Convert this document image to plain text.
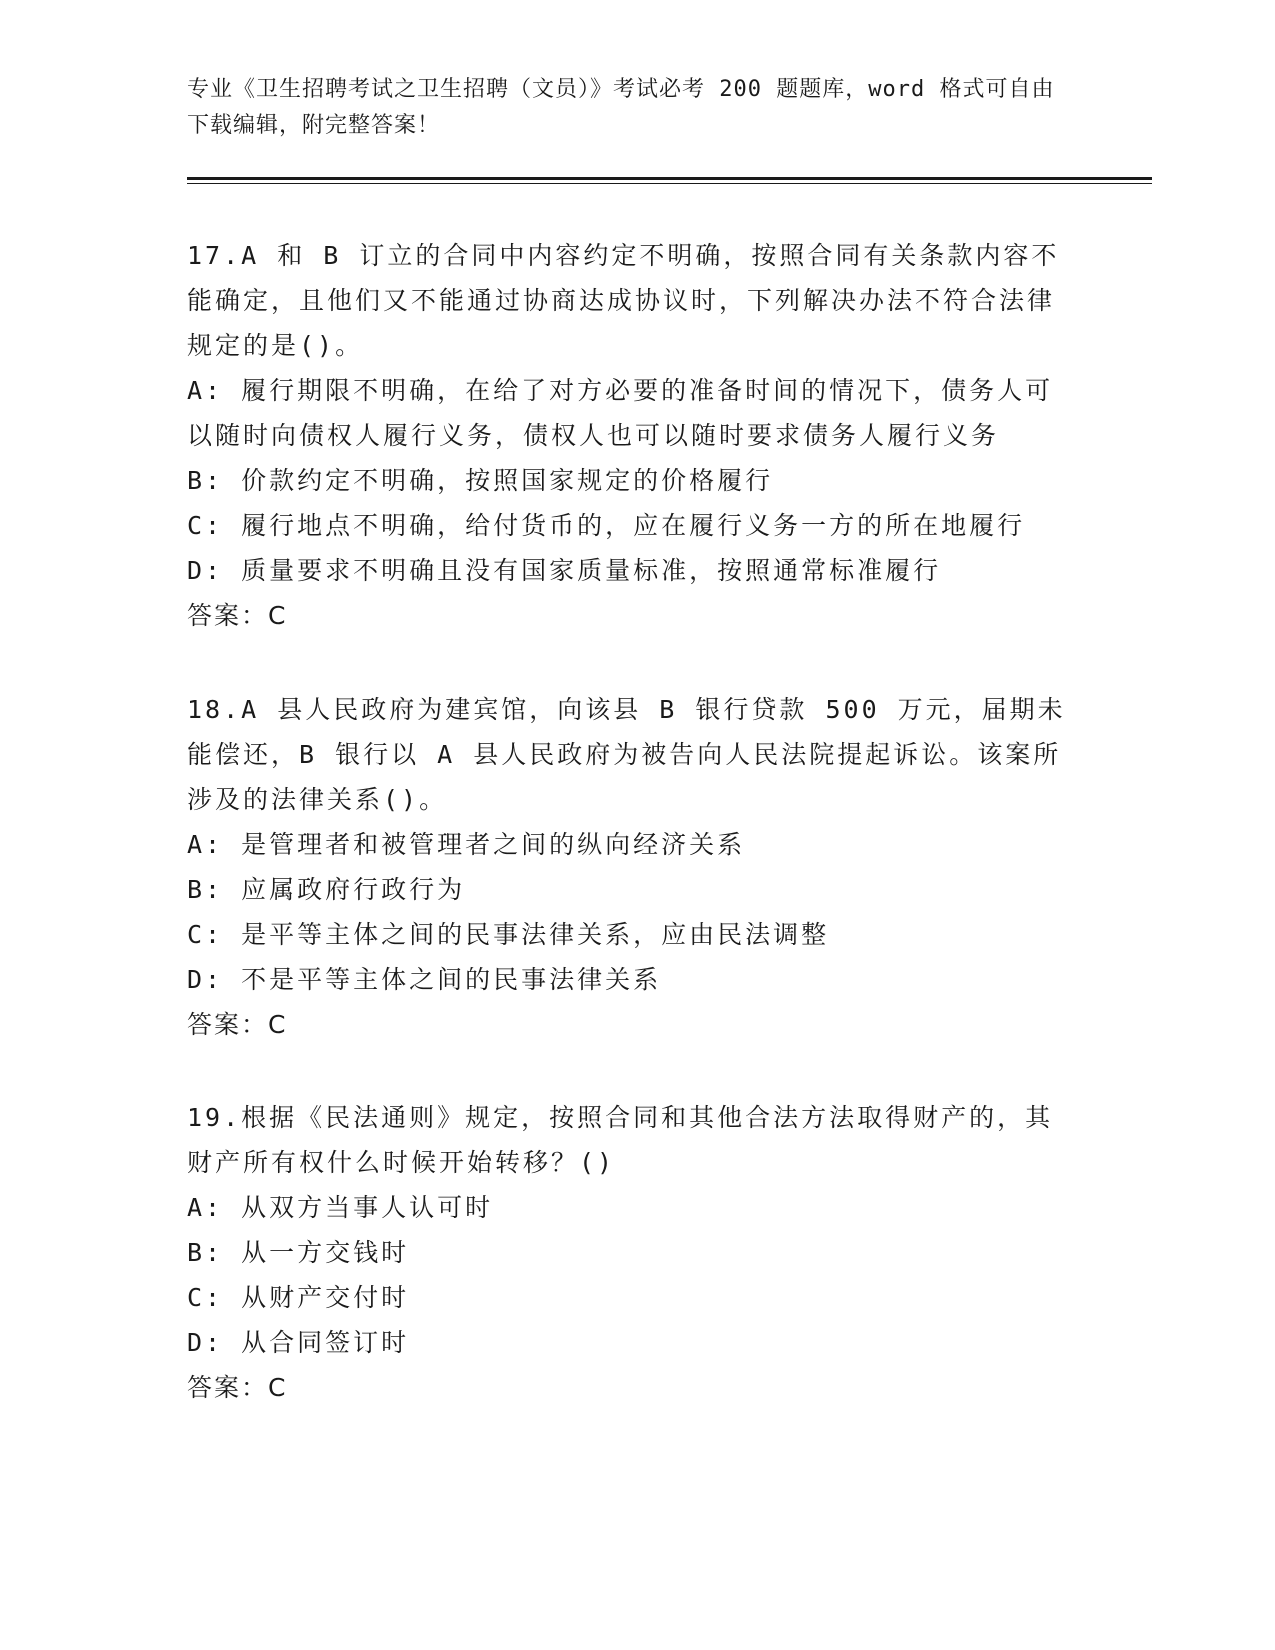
专业《卫生招聘考试之卫生招聘（文员）》考试必考 200 题题库，word 格式可自由下载编辑，附完整答案！

17.A 和 B 订立的合同中内容约定不明确，按照合同有关条款内容不能确定，且他们又不能通过协商达成协议时，下列解决办法不符合法律规定的是()。

A: 履行期限不明确，在给了对方必要的准备时间的情况下，债务人可以随时向债权人履行义务，债权人也可以随时要求债务人履行义务

B: 价款约定不明确，按照国家规定的价格履行

C: 履行地点不明确，给付货币的，应在履行义务一方的所在地履行

D: 质量要求不明确且没有国家质量标准，按照通常标准履行

答案：C

18.A 县人民政府为建宾馆，向该县 B 银行贷款 500 万元，届期未能偿还，B 银行以 A 县人民政府为被告向人民法院提起诉讼。该案所涉及的法律关系()。

A: 是管理者和被管理者之间的纵向经济关系

B: 应属政府行政行为

C: 是平等主体之间的民事法律关系，应由民法调整

D: 不是平等主体之间的民事法律关系

答案：C

19.根据《民法通则》规定，按照合同和其他合法方法取得财产的，其财产所有权什么时候开始转移？()

A: 从双方当事人认可时

B: 从一方交钱时

C: 从财产交付时

D: 从合同签订时

答案：C
